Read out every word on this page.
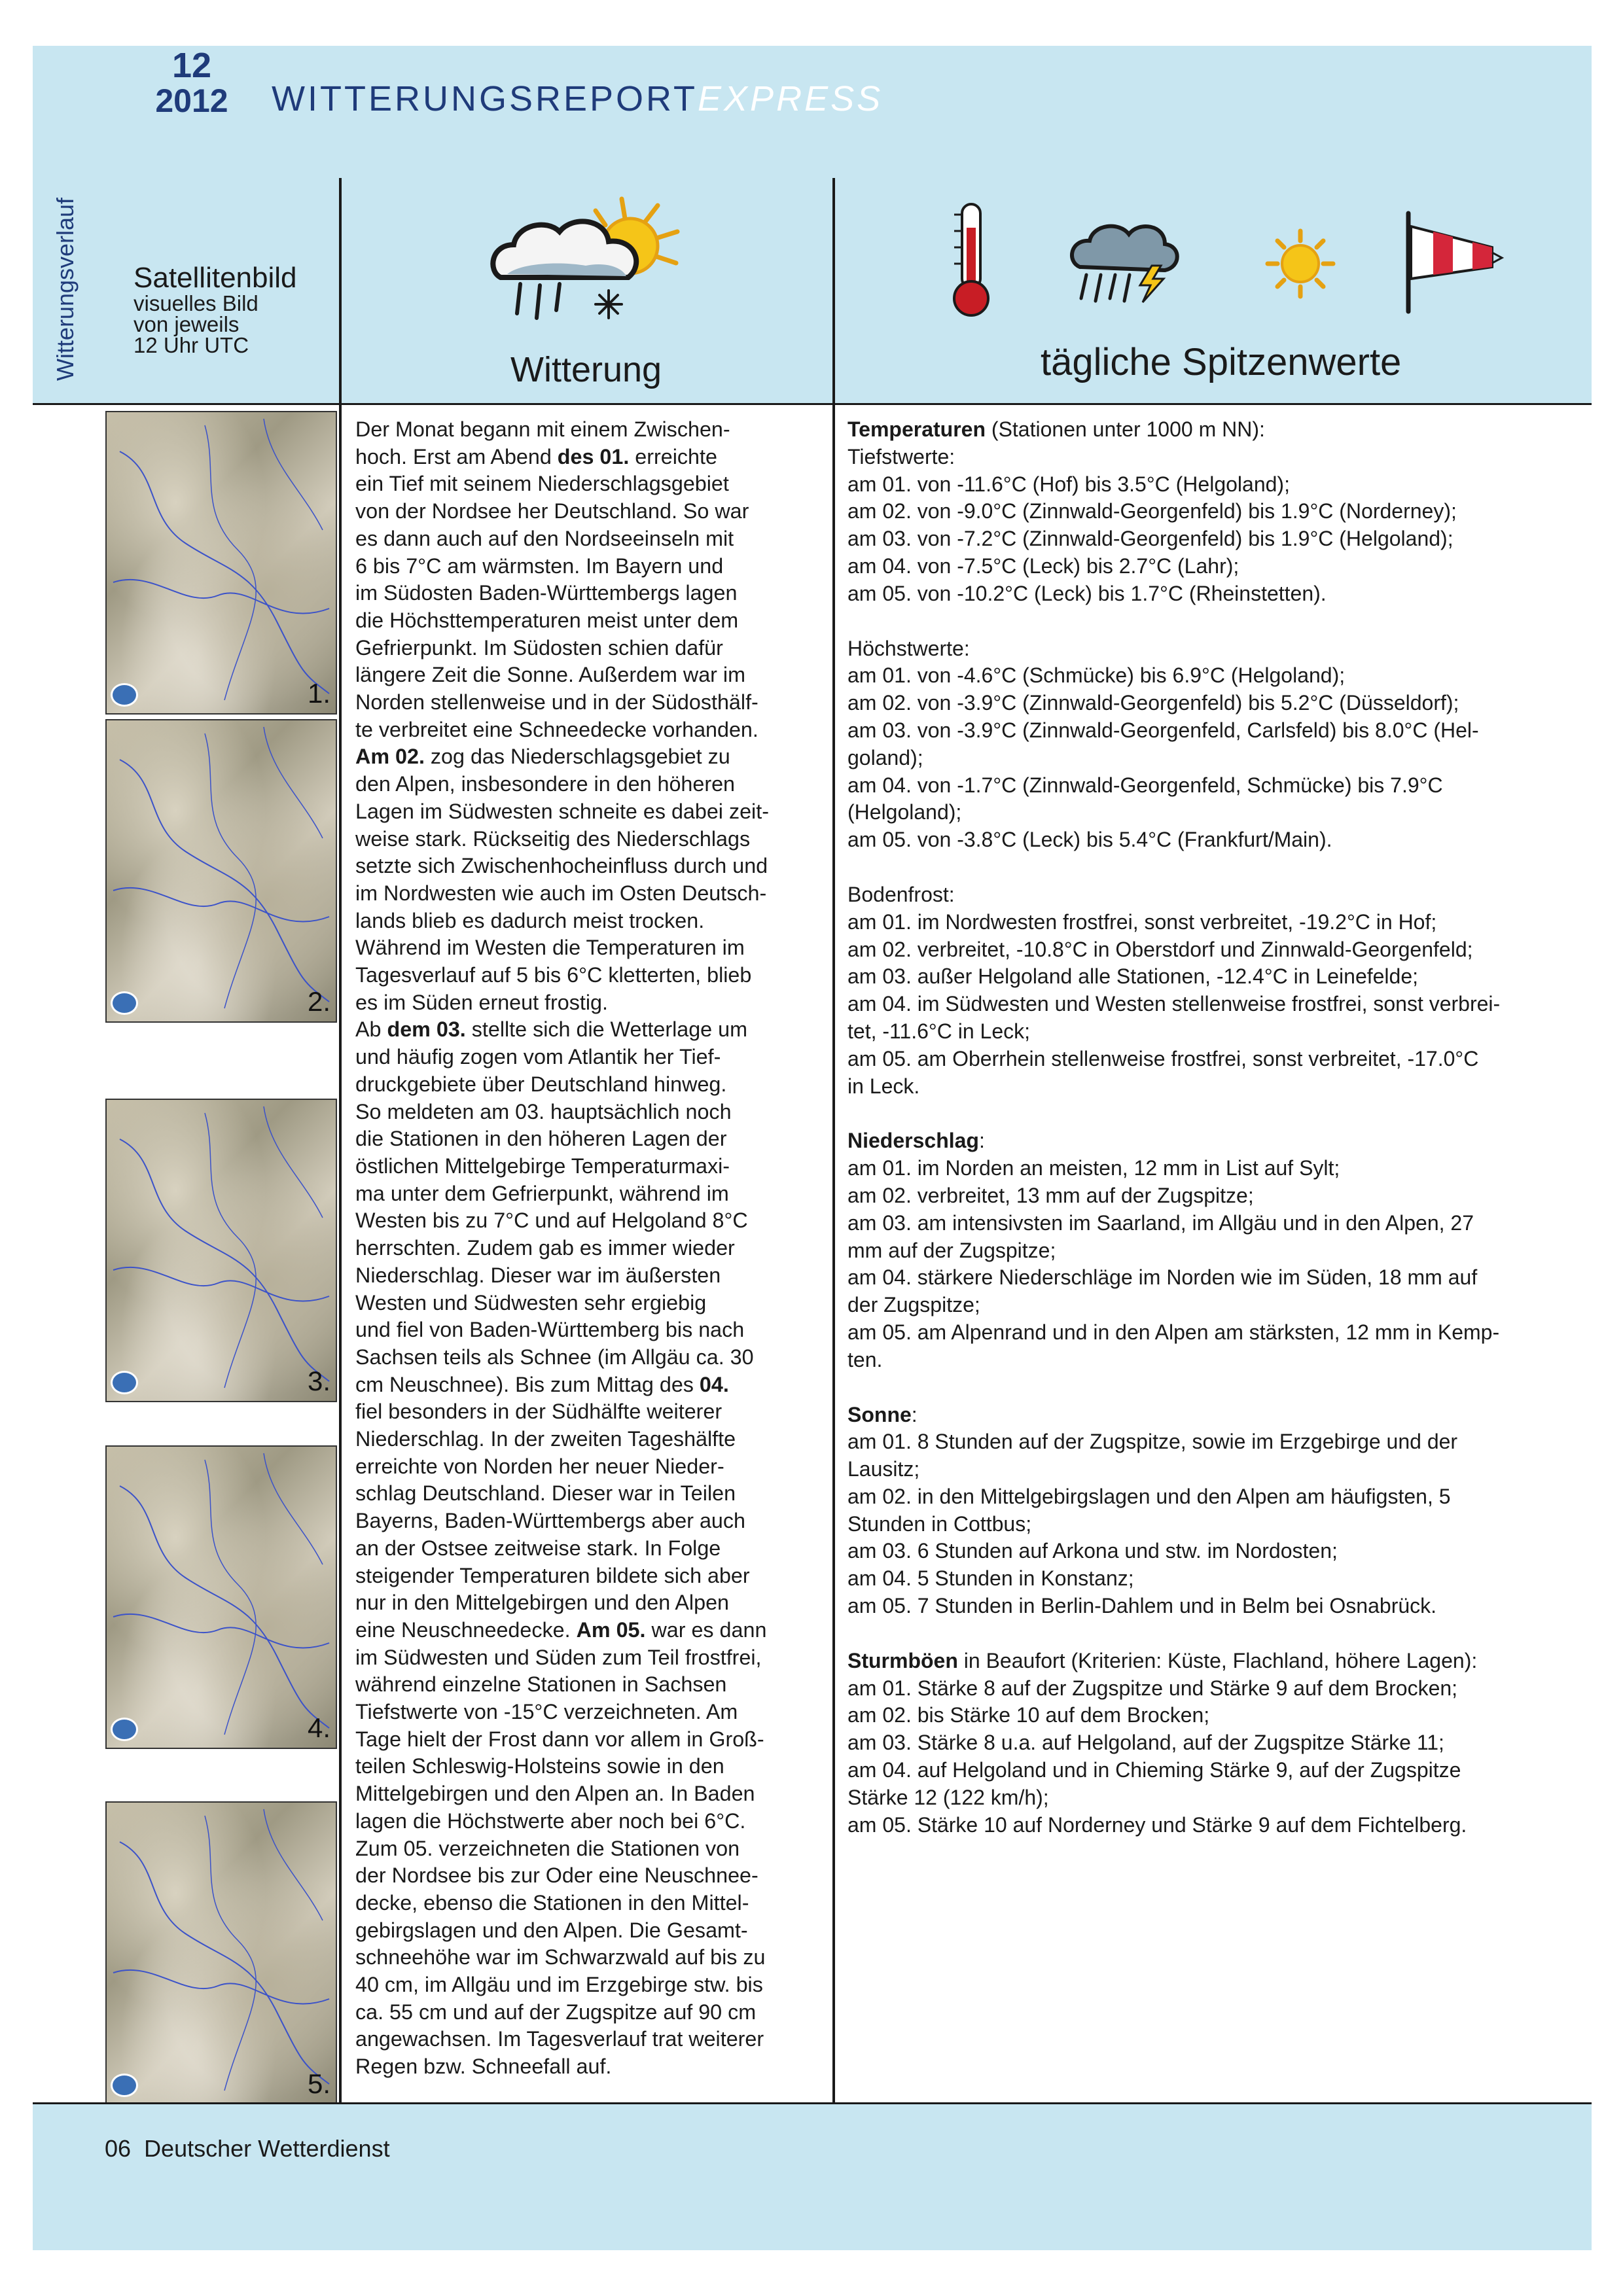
12
2012	WITTERUNGSREPORTEXPRESS
Witterungsverlauf Satellitenbild
visuelles Bild
von jeweils
12 Uhr UTC
Witterung	tägliche Spitzenwerte
1.
2.
3.
4.
5.
Der Monat begann mit einem Zwischen-
hoch. Erst am Abend des 01. erreichte
ein Tief mit seinem Niederschlagsgebiet
von der Nordsee her Deutschland. So war
es dann auch auf den Nordseeinseln mit
6 bis 7°C am wärmsten. Im Bayern und
im Südosten Baden-Württembergs lagen
die Höchsttemperaturen meist unter dem
Gefrierpunkt. Im Südosten schien dafür
längere Zeit die Sonne. Außerdem war im
Norden stellenweise und in der Südosthälf-
te verbreitet eine Schneedecke vorhanden.
Am 02. zog das Niederschlagsgebiet zu
den Alpen, insbesondere in den höheren
Lagen im Südwesten schneite es dabei zeit-
weise stark. Rückseitig des Niederschlags
setzte sich Zwischenhocheinfluss durch und
im Nordwesten wie auch im Osten Deutsch-
lands blieb es dadurch meist trocken.
Während im Westen die Temperaturen im
Tagesverlauf auf 5 bis 6°C kletterten, blieb
es im Süden erneut frostig.
Ab dem 03. stellte sich die Wetterlage um
und häufig zogen vom Atlantik her Tief-
druckgebiete über Deutschland hinweg.
So meldeten am 03. hauptsächlich noch
die Stationen in den höheren Lagen der
östlichen Mittelgebirge Temperaturmaxi-
ma unter dem Gefrierpunkt, während im
Westen bis zu 7°C und auf Helgoland 8°C
herrschten. Zudem gab es immer wieder
Niederschlag. Dieser war im äußersten
Westen und Südwesten sehr ergiebig
und fiel von Baden-Württemberg bis nach
Sachsen teils als Schnee (im Allgäu ca. 30
cm Neuschnee). Bis zum Mittag des 04.
fiel besonders in der Südhälfte weiterer
Niederschlag. In der zweiten Tageshälfte
erreichte von Norden her neuer Nieder-
schlag Deutschland. Dieser war in Teilen
Bayerns, Baden-Württembergs aber auch
an der Ostsee zeitweise stark. In Folge
steigender Temperaturen bildete sich aber
nur in den Mittelgebirgen und den Alpen
eine Neuschneedecke. Am 05. war es dann
im Südwesten und Süden zum Teil frostfrei,
während einzelne Stationen in Sachsen
Tiefstwerte von -15°C verzeichneten. Am
Tage hielt der Frost dann vor allem in Groß-
teilen Schleswig-Holsteins sowie in den
Mittelgebirgen und den Alpen an. In Baden
lagen die Höchstwerte aber noch bei 6°C.
Zum 05. verzeichneten die Stationen von
der Nordsee bis zur Oder eine Neuschnee-
decke, ebenso die Stationen in den Mittel-
gebirgslagen und den Alpen. Die Gesamt-
schneehöhe war im Schwarzwald auf bis zu
40 cm, im Allgäu und im Erzgebirge stw. bis
ca. 55 cm und auf der Zugspitze auf 90 cm
angewachsen. Im Tagesverlauf trat weiterer
Regen bzw. Schneefall auf.

Temperaturen (Stationen unter 1000 m NN):

Tiefstwerte:

am 01. von -11.6°C (Hof) bis 3.5°C (Helgoland);

am 02. von -9.0°C (Zinnwald-Georgenfeld) bis 1.9°C (Norderney);

am 03. von -7.2°C (Zinnwald-Georgenfeld) bis 1.9°C (Helgoland);

am 04. von -7.5°C (Leck) bis 2.7°C (Lahr);

am 05. von -10.2°C (Leck) bis 1.7°C (Rheinstetten).

Höchstwerte:

am 01. von -4.6°C (Schmücke) bis 6.9°C (Helgoland);

am 02. von -3.9°C (Zinnwald-Georgenfeld) bis 5.2°C (Düsseldorf);

am 03. von -3.9°C (Zinnwald-Georgenfeld, Carlsfeld) bis 8.0°C (Hel-

goland);

am 04. von -1.7°C (Zinnwald-Georgenfeld, Schmücke) bis 7.9°C

(Helgoland);

am 05. von -3.8°C (Leck) bis 5.4°C (Frankfurt/Main).

Bodenfrost:

am 01. im Nordwesten frostfrei, sonst verbreitet, -19.2°C in Hof;

am 02. verbreitet, -10.8°C in Oberstdorf und Zinnwald-Georgenfeld;

am 03. außer Helgoland alle Stationen, -12.4°C in Leinefelde;

am 04. im Südwesten und Westen stellenweise frostfrei, sonst verbrei-

tet, -11.6°C in Leck;

am 05. am Oberrhein stellenweise frostfrei, sonst verbreitet, -17.0°C

in Leck.

Niederschlag:

am 01. im Norden an meisten, 12 mm in List auf Sylt;

am 02. verbreitet, 13 mm auf der Zugspitze;

am 03. am intensivsten im Saarland, im Allgäu und in den Alpen, 27

mm auf der Zugspitze;

am 04. stärkere Niederschläge im Norden wie im Süden, 18 mm auf

der Zugspitze;

am 05. am Alpenrand und in den Alpen am stärksten, 12 mm in Kemp-

ten.

Sonne:

am 01. 8 Stunden auf der Zugspitze, sowie im Erzgebirge und der

Lausitz;

am 02. in den Mittelgebirgslagen und den Alpen am häufigsten, 5

Stunden in Cottbus;

am 03. 6 Stunden auf Arkona und stw. im Nordosten;

am 04. 5 Stunden in Konstanz;

am 05. 7 Stunden in Berlin-Dahlem und in Belm bei Osnabrück.

Sturmböen in Beaufort (Kriterien: Küste, Flachland, höhere Lagen):

am 01. Stärke 8 auf der Zugspitze und Stärke 9 auf dem Brocken;

am 02. bis Stärke 10 auf dem Brocken;

am 03. Stärke 8 u.a. auf Helgoland, auf der Zugspitze Stärke 11;

am 04. auf Helgoland und in Chieming Stärke 9, auf der Zugspitze

Stärke 12 (122 km/h);

am 05. Stärke 10 auf Norderney und Stärke 9 auf dem Fichtelberg.

06 Deutscher Wetterdienst
